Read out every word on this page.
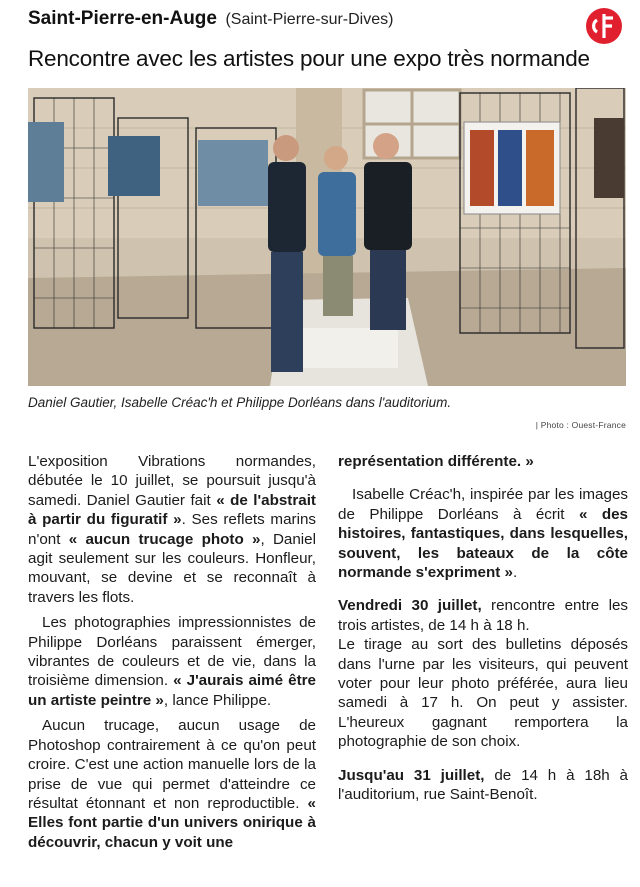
Saint-Pierre-en-Auge (Saint-Pierre-sur-Dives)
Rencontre avec les artistes pour une expo très normande
Daniel Gautier, Isabelle Créac'h et Philippe Dorléans dans l'auditorium.
| Photo : Ouest-France

L'exposition Vibrations normandes, débutée le 10 juillet, se poursuit jusqu'à samedi. Daniel Gautier fait « de l'abstrait à partir du figuratif ». Ses reflets marins n'ont « aucun trucage photo », Daniel agit seulement sur les couleurs. Honfleur, mouvant, se devine et se reconnaît à travers les flots.

Les photographies impressionnistes de Philippe Dorléans paraissent émerger, vibrantes de couleurs et de vie, dans la troisième dimension. « J'aurais aimé être un artiste peintre », lance Philippe.

Aucun trucage, aucun usage de Photoshop contrairement à ce qu'on peut croire. C'est une action manuelle lors de la prise de vue qui permet d'atteindre ce résultat étonnant et non reproductible. « Elles font partie d'un univers onirique à découvrir, chacun y voit une

représentation différente. »

Isabelle Créac'h, inspirée par les images de Philippe Dorléans à écrit « des histoires, fantastiques, dans lesquelles, souvent, les bateaux de la côte normande s'expriment ».

Vendredi 30 juillet, rencontre entre les trois artistes, de 14 h à 18 h.

Le tirage au sort des bulletins déposés dans l'urne par les visiteurs, qui peuvent voter pour leur photo préférée, aura lieu samedi à 17 h. On peut y assister. L'heureux gagnant remportera la photographie de son choix.

Jusqu'au 31 juillet, de 14 h à 18h à l'auditorium, rue Saint-Benoît.
